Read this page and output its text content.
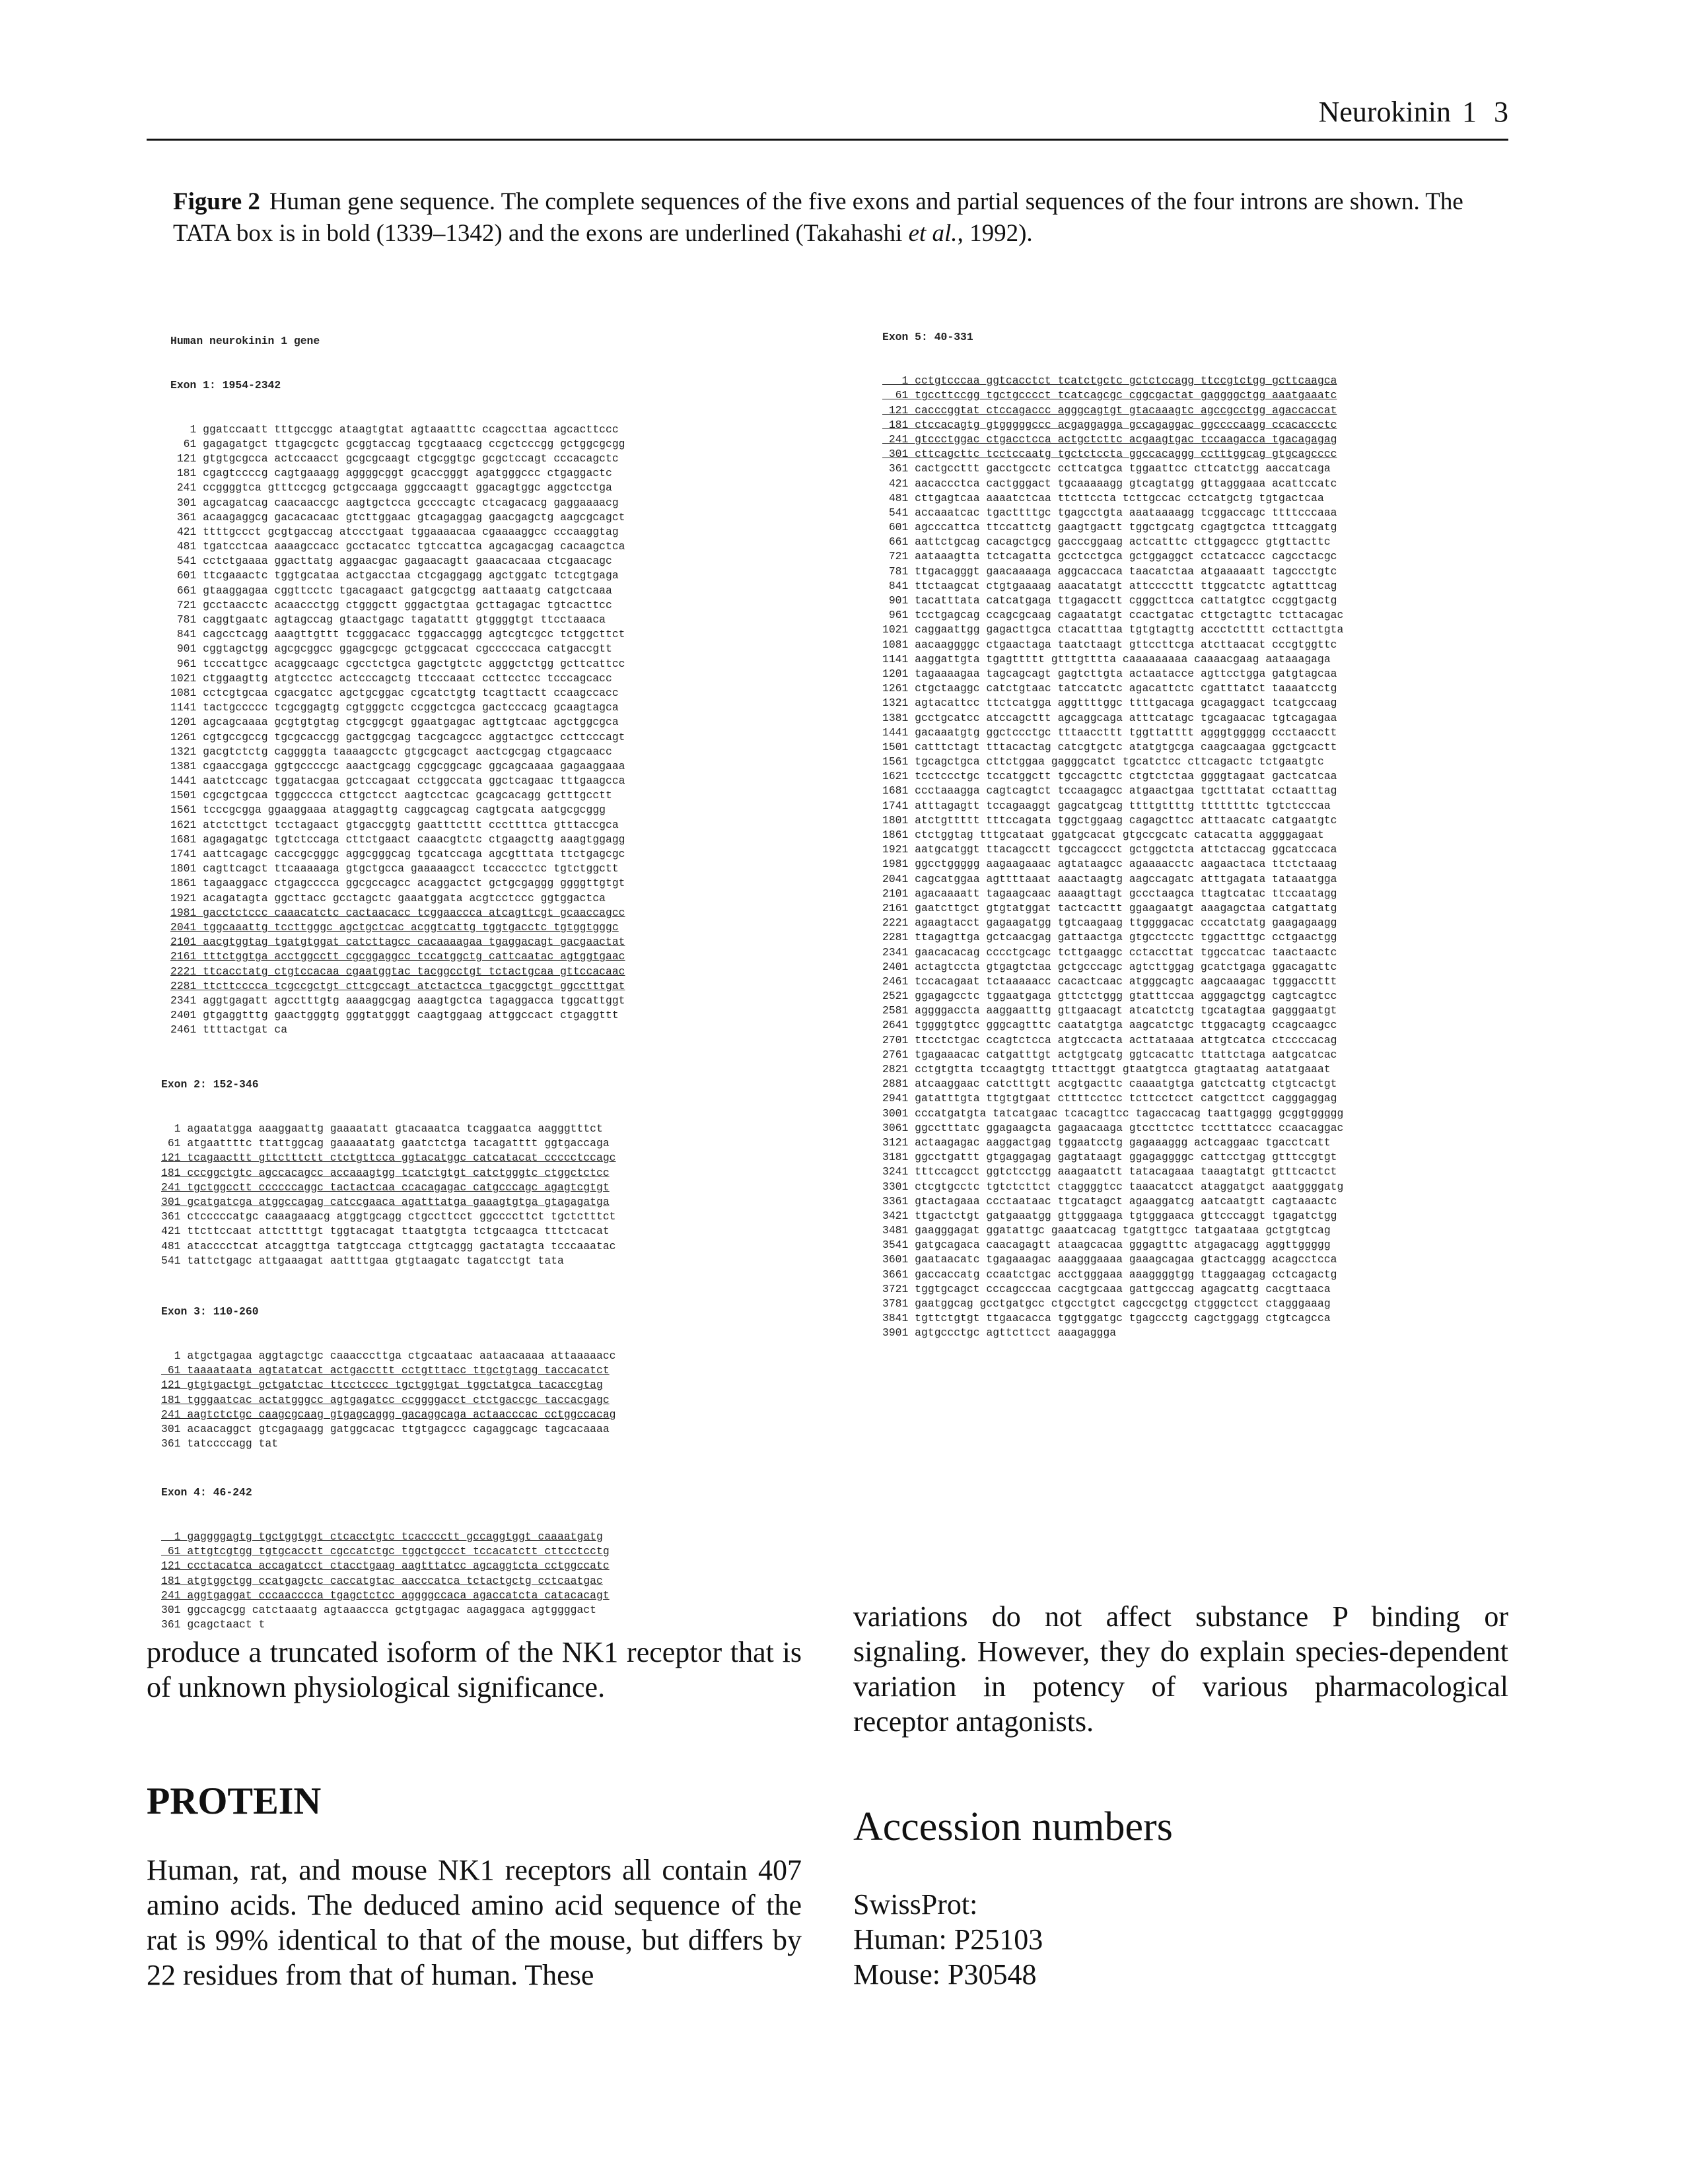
Neurokinin 1 3
Figure 2 Human gene sequence. The complete sequences of the five exons and partial sequences of the four introns are shown. The TATA box is in bold (1339–1342) and the exons are underlined (Takahashi et al., 1992).

Human neurokinin 1 gene

Exon 1: 1954-2342

1 ggatccaatt tttgccggc ataagtgtat agtaaatttc ccagccttaa agcacttccc
61 gagagatgct ttgagcgctc gcggtaccag tgcgtaaacg ccgctcccgg gctggcgcgg
121 gtgtgcgcca actccaacct gcgcgcaagt ctgcggtgc gcgctccagt cccacagctc
181 cgagtccccg cagtgaaagg aggggcggt gcaccgggt agatgggccc ctgaggactc
241 ccggggtca gtttccgcg gctgccaaga gggccaagtt ggacagtggc aggctcctga
301 agcagatcag caacaaccgc aagtgctcca gccccagtc ctcagacacg gaggaaaacg
361 acaagaggcg gacacacaac gtcttggaac gtcagaggag gaacgagctg aagcgcagct
421 ttttgccct gcgtgaccag atccctgaat tggaaaacaa cgaaaaggcc cccaaggtag
481 tgatcctcaa aaaagccacc gcctacatcc tgtccattca agcagacgag cacaagctca
541 cctctgaaaa ggacttatg aggaacgac gagaacagtt gaaacacaaa ctcgaacagc
601 ttcgaaactc tggtgcataa actgacctaa ctcgaggagg agctggatc tctcgtgaga
661 gtaaggagaa cggttcctc tgacagaact gatgcgctgg aattaaatg catgctcaaa
721 gcctaacctc acaaccctgg ctgggctt gggactgtaa gcttagagac tgtcacttcc
781 caggtgaatc agtagccag gtaactgagc tagatattt gtggggtgt ttcctaaaca
841 cagcctcagg aaagttgttt tcgggacacc tggaccaggg agtcgtcgcc tctggcttct
901 cggtagctgg agcgcggcc ggagcgcgc gctggcacat cgcccccaca catgaccgtt
961 tcccattgcc acaggcaagc cgcctctgca gagctgtctc agggctctgg gcttcattcc
1021 ctggaagttg atgtcctcc actcccagctg ttcccaaat ccttcctcc tcccagcacc
1081 cctcgtgcaa cgacgatcc agctgcggac cgcatctgtg tcagttactt ccaagccacc
1141 tactgccccc tcgcggagtg cgtgggctc ccggctcgca gactcccacg gcaagtagca
1201 agcagcaaaa gcgtgtgtag ctgcggcgt ggaatgagac agttgtcaac agctggcgca
1261 cgtgccgccg tgcgcaccgg gactggcgag tacgcagccc aggtactgcc ccttcccagt
1321 gacgtctctg caggggta taaaagcctc gtgcgcagct aactcgcgag ctgagcaacc
1381 cgaaccgaga ggtgccccgc aaactgcagg cggcggcagc ggcagcaaaa gagaaggaaa
1441 aatctccagc tggatacgaa gctccagaat cctggccata ggctcagaac tttgaagcca
1501 cgcgctgcaa tgggcccca cttgctcct aagtcctcac gcagcacagg gctttgcctt
1561 tcccgcgga ggaaggaaa ataggagttg caggcagcag cagtgcata aatgcgcggg
1621 atctcttgct tcctagaact gtgaccggtg gaatttcttt cccttttca gtttaccgca
1681 agagagatgc tgtctccaga cttctgaact caaacgtctc ctgaagcttg aaagtggagg
1741 aattcagagc caccgcgggc aggcgggcag tgcatccaga agcgtttata ttctgagcgc
1801 cagttcagct ttcaaaaaga gtgctgcca gaaaaagcct tccaccctcc tgtctggctt
1861 tagaaggacc ctgagcccca ggcgccagcc acaggactct gctgcgaggg ggggttgtgt
1921 acagatagta ggcttacc gcctagctc gaaatggata acgtcctccc ggtggactca
1981 gacctctccc caaacatctc cactaacacc tcggaaccca atcagttcgt gcaaccagcc
2041 tggcaaattg tccttgggc agctgctcac acggtcattg tggtgacctc tgtggtgggc
2101 aacgtggtag tgatgtggat catcttagcc cacaaaagaa tgaggacagt gacgaactat
2161 tttctggtga acctggcctt cgcggaggcc tccatggctg cattcaatac agtggtgaac
2221 ttcacctatg ctgtccacaa cgaatggtac tacggcctgt tctactgcaa gttccacaac
2281 ttcttcccca tcgccgctgt cttcgccagt atctactcca tgacggctgt ggcctttgat
2341 aggtgagatt agcctttgtg aaaaggcgag aaagtgctca tagaggacca tggcattggt
2401 gtgaggtttg gaactgggtg gggtatgggt caagtggaag attggccact ctgaggttt
2461 ttttactgat ca

Exon 2: 152-346

1 agaatatgga aaaggaattg gaaaatatt gtacaaatca tcaggaatca aagggtttct
61 atgaattttc ttattggcag gaaaaatatg gaatctctga tacagatttt ggtgaccaga
121 tcagaacttt gttctttctt ctctgttcca ggtacatggc catcatacat ccccctccagc
181 cccggctgtc agccacagcc accaaagtgg tcatctgtgt catctgggtc ctggctctcc
241 tgctggcctt ccccccaggc tactactcaa ccacagagac catgcccagc agagtcgtgt
301 gcatgatcga atggccagag catccgaaca agatttatga gaaagtgtga gtagagatga
361 ctcccccatgc caaagaaacg atggtgcagg ctgccttcct ggccccttct tgctctttct
421 ttcttccaat attcttttgt tggtacagat ttaatgtgta tctgcaagca tttctcacat
481 atacccctcat atcaggttga tatgtccaga cttgtcaggg gactatagta tcccaaatac
541 tattctgagc attgaaagat aattttgaa gtgtaagatc tagatcctgt tata

Exon 3: 110-260

1 atgctgagaa aggtagctgc caaacccttga ctgcaataac aataacaaaa attaaaaacc
61 taaaataata agtatatcat actgaccttt cctgtttacc ttgctgtagg taccacatct
121 gtgtgactgt gctgatctac ttcctcccc tgctggtgat tggctatgca tacaccgtag
181 tgggaatcac actatgggcc agtgagatcc ccggggacct ctctgaccgc taccacgagc
241 aagtctctgc caagcgcaag gtgagcaggg gacaggcaga actaacccac cctggccacag
301 acaacaggct gtcgagaagg gatggcacac ttgtgagccc cagaggcagc tagcacaaaa
361 tatccccagg tat

Exon 4: 46-242

1 gaggggagtg tgctggtggt ctcacctgtc tcacccctt gccaggtggt caaaatgatg
61 attgtcgtgg tgtgcacctt cgccatctgc tggctgccct tccacatctt cttcctcctg
121 ccctacatca accagatcct ctacctgaag aagtttatcc agcaggtcta cctggccatc
181 atgtggctgg ccatgagctc caccatgtac aacccatca tctactgctg cctcaatgac
241 aggtgaggat cccaacccca tgagctctcc aggggccaca agaccatcta catacacagt
301 ggccagcgg catctaaatg agtaaaccca gctgtgagac aagaggaca agtggggact
361 gcagctaact t

Exon 5: 40-331

1 cctgtcccaa ggtcacctct tcatctgctc gctctccagg ttccgtctgg gcttcaagca
61 tgccttccgg tgctgcccct tcatcagcgc cggcgactat gaggggctgg aaatgaaatc
121 cacccggtat ctccagaccc agggcagtgt gtacaaagtc agccgcctgg agaccaccat
181 ctccacagtg gtgggggccc acgaggagga gccagaggac ggccccaagg ccacaccctc
241 gtccctggac ctgacctcca actgctcttc acgaagtgac tccaagacca tgacagagag
301 cttcagcttc tcctccaatg tgctctccta ggccacaggg cctttggcag gtgcagcccc
361 cactgccttt gacctgcctc ccttcatgca tggaattcc cttcatctgg aaccatcaga
421 aacaccctca cactgggact tgcaaaaagg gtcagtatgg gttagggaaa acattccatc
481 cttgagtcaa aaaatctcaa ttcttccta tcttgccac cctcatgctg tgtgactcaa
541 accaaatcac tgacttttgc tgagcctgta aaataaaagg tcggaccagc ttttcccaaa
601 agcccattca ttccattctg gaagtgactt tggctgcatg cgagtgctca tttcaggatg
661 aattctgcag cacagctgcg gacccggaag actcatttc cttggagccc gtgttacttc
721 aataaagtta tctcagatta gcctcctgca gctggaggct cctatcaccc cagcctacgc
781 ttgacagggt gaacaaaaga aggcaccaca taacatctaa atgaaaaatt tagccctgtc
841 ttctaagcat ctgtgaaaag aaacatatgt attccccttt ttggcatctc agtatttcag
901 tacatttata catcatgaga ttgagacctt cgggcttcca cattatgtcc ccggtgactg
961 tcctgagcag ccagcgcaag cagaatatgt ccactgatac cttgctagttc tcttacagac
1021 caggaattgg gagacttgca ctacatttaa tgtgtagttg accctctttt ccttacttgta
1081 aacaaggggc ctgaactaga taatctaagt gttccttcga atcttaacat cccgtggttc
1141 aaggattgta tgagttttt gtttgtttta caaaaaaaaa caaaacgaag aataaagaga
1201 tagaaaagaa tagcagcagt gagtcttgta actaatacce agttcctgga gatgtagcaa
1261 ctgctaaggc catctgtaac tatccatctc agacattctc cgatttatct taaaatcctg
1321 agtacattcc ttctcatgga aggttttggc ttttgacaga gcagaggact tcatgccaag
1381 gcctgcatcc atccagcttt agcaggcaga atttcatagc tgcagaacac tgtcagagaa
1441 gacaaatgtg ggctccctgc tttaaccttt tggttatttt agggtggggg ccctaacctt
1501 catttctagt tttacactag catcgtgctc atatgtgcga caagcaagaa ggctgcactt
1561 tgcagctgca cttctggaa gagggcatct tgcatctcc cttcagactc tctgaatgtc
1621 tcctccctgc tccatggctt tgccagcttc ctgtctctaa ggggtagaat gactcatcaa
1681 ccctaaagga cagtcagtct tccaagagcc atgaactgaa tgctttatat cctaatttag
1741 atttagagtt tccagaaggt gagcatgcag ttttgttttg ttttttttc tgtctcccaa
1801 atctgttttt tttccagata tggctggaag cagagcttcc atttaacatc catgaatgtc
1861 ctctggtag tttgcataat ggatgcacat gtgccgcatc catacatta aggggagaat
1921 aatgcatggt ttacagcctt tgccagccct gctggctcta attctaccag ggcatccaca
1981 ggcctggggg aagaagaaac agtataagcc agaaaacctc aagaactaca ttctctaaag
2041 cagcatggaa agttttaaat aaactaagtg aagccagatc atttgagata tataaatgga
2101 agacaaaatt tagaagcaac aaaagttagt gccctaagca ttagtcatac ttccaatagg
2161 gaatcttgct gtgtatggat tactcacttt ggaagaatgt aaagagctaa catgattatg
2221 agaagtacct gagaagatgg tgtcaagaag ttggggacac cccatctatg gaagagaagg
2281 ttagagttga gctcaacgag gattaactga gtgcctcctc tggactttgc cctgaactgg
2341 gaacacacag cccctgcagc tcttgaaggc cctaccttat tggccatcac taactaactc
2401 actagtccta gtgagtctaa gctgcccagc agtcttggag gcatctgaga ggacagattc
2461 tccacagaat tctaaaaacc cacactcaac atgggcagtc aagcaaagac tgggaccttt
2521 ggagagcctc tggaatgaga gttctctggg gtatttccaa agggagctgg cagtcagtcc
2581 aggggaccta aaggaatttg gttgaacagt atcatctctg tgcatagtaa gagggaatgt
2641 tggggtgtcc gggcagtttc caatatgtga aagcatctgc ttggacagtg ccagcaagcc
2701 ttcctctgac ccagtctcca atgtccacta acttataaaa attgtcatca ctccccacag
2761 tgagaaacac catgatttgt actgtgcatg ggtcacattc ttattctaga aatgcatcac
2821 cctgtgtta tccaagtgtg tttacttggt gtaatgtcca gtagtaatag aatatgaaat
2881 atcaaggaac catctttgtt acgtgacttc caaaatgtga gatctcattg ctgtcactgt
2941 gatatttgta ttgtgtgaat cttttcctcc tcttcctcct catgcttcct cagggaggag
3001 cccatgatgta tatcatgaac tcacagttcc tagaccacag taattgaggg gcggtggggg
3061 ggcctttatc ggagaagcta gagaacaaga gtccttctcc tcctttatccc ccaacaggac
3121 actaagagac aaggactgag tggaatcctg gagaaaggg actcaggaac tgacctcatt
3181 ggcctgattt gtgaggagag gagtataagt ggagaggggc cattcctgag gtttccgtgt
3241 tttccagcct ggtctcctgg aaagaatctt tatacagaaa taaagtatgt gtttcactct
3301 ctcgtgcctc tgtctcttct ctaggggtcc taaacatcct ataggatgct aaatggggatg
3361 gtactagaaa ccctaataac ttgcatagct agaaggatcg aatcaatgtt cagtaaactc
3421 ttgactctgt gatgaaatgg gttgggaaga tgtgggaaca gttcccaggt tgagatctgg
3481 gaagggagat ggatattgc gaaatcacag tgatgttgcc tatgaataaa gctgtgtcag
3541 gatgcagaca caacagagtt ataagcacaa gggagtttc atgagacagg aggttggggg
3601 gaataacatc tgagaaagac aaagggaaaa gaaagcagaa gtactcaggg acagcctcca
3661 gaccaccatg ccaatctgac acctgggaaa aaaggggtgg ttaggaagag cctcagactg
3721 tggtgcagct cccagcccaa cacgtgcaaa gattgcccag agagcattg cacgttaaca
3781 gaatggcag gcctgatgcc ctgcctgtct cagccgctgg ctgggctcct ctagggaaag
3841 tgttctgtgt ttgaacacca tggtggatgc tgagccctg cagctggagg ctgtcagcca
3901 agtgccctgc agttcttcct aaagaggga

produce a truncated isoform of the NK1 receptor that is of unknown physiological significance.
variations do not affect substance P binding or signaling. However, they do explain species-dependent variation in potency of various pharmacological receptor antagonists.
PROTEIN
Human, rat, and mouse NK1 receptors all contain 407 amino acids. The deduced amino acid sequence of the rat is 99% identical to that of the mouse, but differs by 22 residues from that of human. These
Accession numbers
SwissProt:
Human: P25103
Mouse: P30548
